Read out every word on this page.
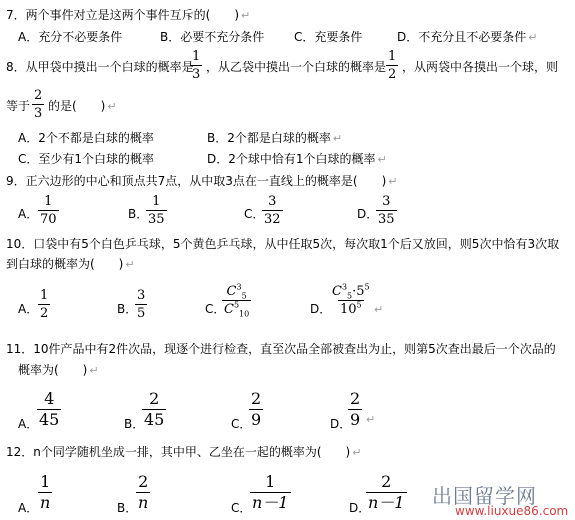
7．两个事件对立是这两个事件互斥的(　　) ↵
A．充分不必要条件	B．必要不充分条件 C．充要条件	D．不充分且不必要条件 ↵
8．从甲袋中摸出一个白球的概率是
$\frac{1}{3}$ ，从乙袋中摸出一个白球的概率是 $\frac{1}{2}$ ，从两袋中各摸出一个球，则
等于 $\frac{2}{3}$ 的是(　　) ↵
A．2个不都是白球的概率	B．2个都是白球的概率 ↵
C．至少有1个白球的概率	D．2个球中恰有1个白球的概率 ↵
9．正六边形的中心和顶点共7点，从中取3点在一直线上的概率是(　　) ↵
A． $\frac{1}{70}$	B．
$\frac{1}{35}$	C．
$\frac{3}{32}$	D．
$\frac{3}{35}$
10．口袋中有5个白色乒乓球，5个黄色乒乓球，从中任取5次，每次取1个后又放回，则5次中恰有3次取
到白球的概率为(　　) ↵
A． $\frac{1}{2}$	B．
$\frac{3}{5}$	C．
$\frac{C^3_5}{C^5_{10}}$	D．
$\frac{C^3_5\cdot 5^5}{10^5}$ ↵
11．10件产品中有2件次品，现逐个进行检查，直至次品全部被查出为止，则第5次查出最后一个次品的
概率为(　　) ↵
A．
$\frac{4}{45}$	B．
$\frac{2}{45}$	C．
$\frac{2}{9}$	D．
$\frac{2}{9}$ ↵
12．n个同学随机坐成一排，其中甲、乙坐在一起的概率为(　　) ↵
A． $\frac{1}{n}$	B．
$\frac{2}{n}$	C．
$\frac{1}{n-1}$	D．
$\frac{2}{n-1}$ 出国留学网
www.liuxue86.com
